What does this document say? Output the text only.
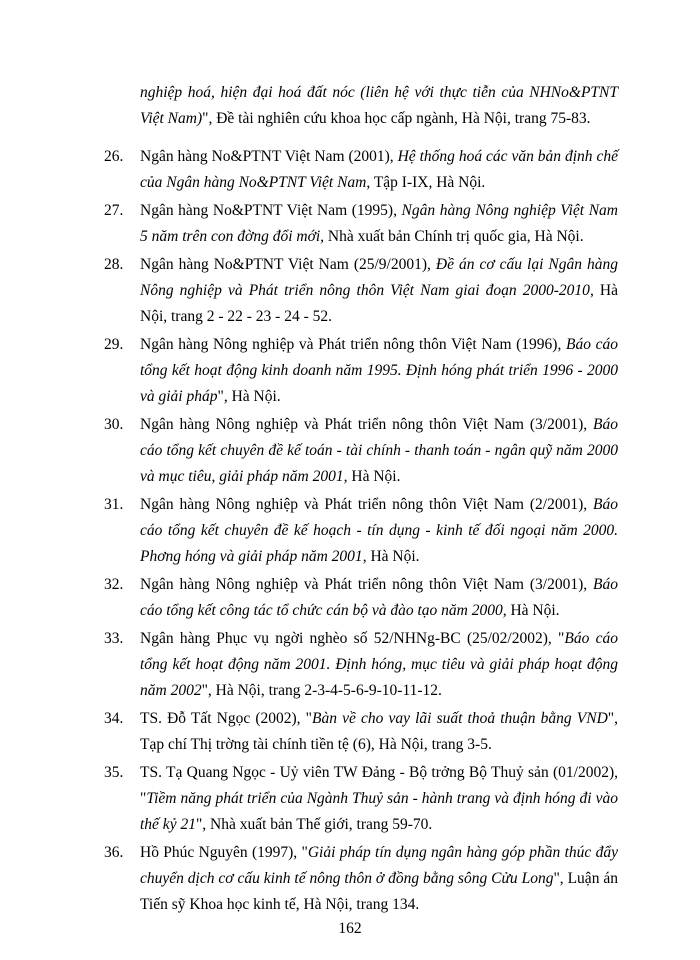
nghiệp hoá, hiện đại hoá đất nóc (liên hệ với thực tiễn của NHNo&PTNT Việt Nam)", Đề tài nghiên cứu khoa học cấp ngành, Hà Nội, trang 75-83.

26. Ngân hàng No&PTNT Việt Nam (2001), Hệ thống hoá các văn bản định chế của Ngân hàng No&PTNT Việt Nam, Tập I-IX, Hà Nội.
27. Ngân hàng No&PTNT Việt Nam (1995), Ngân hàng Nông nghiệp Việt Nam 5 năm trên con đờng đổi mới, Nhà xuất bản Chính trị quốc gia, Hà Nội.
28. Ngân hàng No&PTNT Việt Nam (25/9/2001), Đề án cơ cấu lại Ngân hàng Nông nghiệp và Phát triển nông thôn Việt Nam giai đoạn 2000-2010, Hà Nội, trang 2 - 22 - 23 - 24 - 52.
29. Ngân hàng Nông nghiệp và Phát triển nông thôn Việt Nam (1996), Báo cáo tổng kết hoạt động kinh doanh năm 1995. Định hóng phát triển 1996 - 2000 và giải pháp", Hà Nội.
30. Ngân hàng Nông nghiệp và Phát triển nông thôn Việt Nam (3/2001), Báo cáo tổng kết chuyên đề kế toán - tài chính - thanh toán - ngân quỹ năm 2000 và mục tiêu, giải pháp năm 2001, Hà Nội.
31. Ngân hàng Nông nghiệp và Phát triển nông thôn Việt Nam (2/2001), Báo cáo tổng kết chuyên đề kế hoạch - tín dụng - kinh tế đối ngoại năm 2000. Phơng hóng và giải pháp năm 2001, Hà Nội.
32. Ngân hàng Nông nghiệp và Phát triển nông thôn Việt Nam (3/2001), Báo cáo tổng kết công tác tổ chức cán bộ và đào tạo năm 2000, Hà Nội.
33. Ngân hàng Phục vụ ngời nghèo số 52/NHNg-BC (25/02/2002), "Báo cáo tổng kết hoạt động năm 2001. Định hóng, mục tiêu và giải pháp hoạt động năm 2002", Hà Nội, trang 2-3-4-5-6-9-10-11-12.
34. TS. Đỗ Tất Ngọc (2002), "Bàn về cho vay lãi suất thoả thuận bằng VND", Tạp chí Thị trờng tài chính tiền tệ (6), Hà Nội, trang 3-5.
35. TS. Tạ Quang Ngọc - Uỷ viên TW Đảng - Bộ trởng Bộ Thuỷ sản (01/2002), "Tiềm năng phát triển của Ngành Thuỷ sản - hành trang và định hóng đi vào thế kỷ 21", Nhà xuất bản Thế giới, trang 59-70.
36. Hồ Phúc Nguyên (1997), "Giải pháp tín dụng ngân hàng góp phần thúc đẩy chuyển dịch cơ cấu kinh tế nông thôn ở đồng bằng sông Cửu Long", Luận án Tiến sỹ Khoa học kinh tế, Hà Nội, trang 134.
162
